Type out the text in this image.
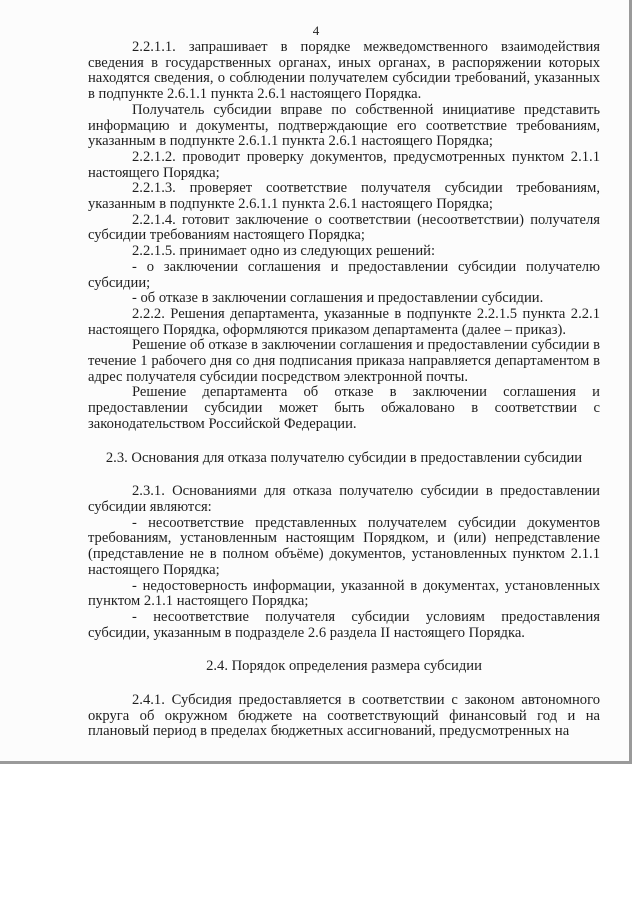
4

2.2.1.1. запрашивает в порядке межведомственного взаимодействия сведения в государственных органах, иных органах, в распоряжении которых находятся сведения, о соблюдении получателем субсидии требований, указанных в подпункте 2.6.1.1 пункта 2.6.1 настоящего Порядка.

Получатель субсидии вправе по собственной инициативе представить информацию и документы, подтверждающие его соответствие требованиям, указанным в подпункте 2.6.1.1 пункта 2.6.1 настоящего Порядка;

2.2.1.2. проводит проверку документов, предусмотренных пунктом 2.1.1 настоящего Порядка;

2.2.1.3. проверяет соответствие получателя субсидии требованиям, указанным в подпункте 2.6.1.1 пункта 2.6.1 настоящего Порядка;

2.2.1.4. готовит заключение о соответствии (несоответствии) получателя субсидии требованиям настоящего Порядка;

2.2.1.5. принимает одно из следующих решений:

- о заключении соглашения и предоставлении субсидии получателю субсидии;

- об отказе в заключении соглашения и предоставлении субсидии.

2.2.2. Решения департамента, указанные в подпункте 2.2.1.5 пункта 2.2.1 настоящего Порядка, оформляются приказом департамента (далее – приказ).

Решение об отказе в заключении соглашения и предоставлении субсидии в течение 1 рабочего дня со дня подписания приказа направляется департаментом в адрес получателя субсидии посредством электронной почты.

Решение департамента об отказе в заключении соглашения и предоставлении субсидии может быть обжаловано в соответствии с законодательством Российской Федерации.

2.3. Основания для отказа получателю субсидии в предоставлении субсидии

2.3.1. Основаниями для отказа получателю субсидии в предоставлении субсидии являются:

- несоответствие представленных получателем субсидии документов требованиям, установленным настоящим Порядком, и (или) непредставление (представление не в полном объёме) документов, установленных пунктом 2.1.1 настоящего Порядка;

- недостоверность информации, указанной в документах, установленных пунктом 2.1.1 настоящего Порядка;

- несоответствие получателя субсидии условиям предоставления субсидии, указанным в подразделе 2.6 раздела II настоящего Порядка.

2.4. Порядок определения размера субсидии

2.4.1. Субсидия предоставляется в соответствии с законом автономного округа об окружном бюджете на соответствующий финансовый год и на плановый период в пределах бюджетных ассигнований, предусмотренных на
